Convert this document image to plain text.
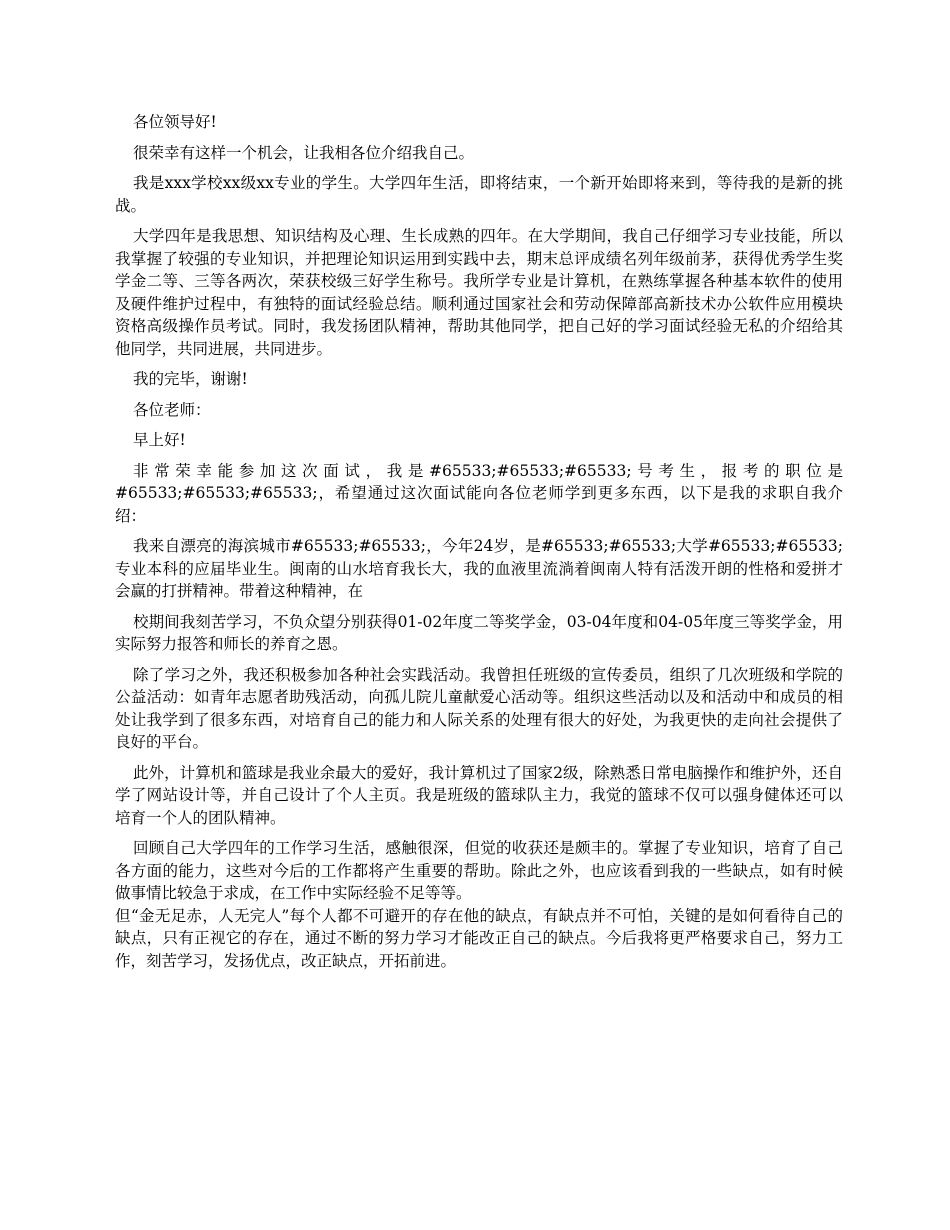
各位领导好!

很荣幸有这样一个机会，让我相各位介绍我自己。

我是xxx学校xx级xx专业的学生。大学四年生活，即将结束，一个新开始即将来到，等待我的是新的挑战。

大学四年是我思想、知识结构及心理、生长成熟的四年。在大学期间，我自己仔细学习专业技能，所以我掌握了较强的专业知识，并把理论知识运用到实践中去，期末总评成绩名列年级前茅，获得优秀学生奖学金二等、三等各两次，荣获校级三好学生称号。我所学专业是计算机，在熟练掌握各种基本软件的使用及硬件维护过程中，有独特的面试经验总结。顺利通过国家社会和劳动保障部高新技术办公软件应用模块资格高级操作员考试。同时，我发扬团队精神，帮助其他同学，把自己好的学习面试经验无私的介绍给其他同学，共同进展，共同进步。

我的完毕，谢谢!

各位老师：

早上好!

非常荣幸能参加这次面试，我是#65533;#65533;#65533;号考生，报考的职位是#65533;#65533;#65533;，希望通过这次面试能向各位老师学到更多东西，以下是我的求职自我介绍：

我来自漂亮的海滨城市#65533;#65533;，今年24岁，是#65533;#65533;大学#65533;#65533;专业本科的应届毕业生。闽南的山水培育我长大，我的血液里流淌着闽南人特有活泼开朗的性格和爱拼才会赢的打拼精神。带着这种精神，在

校期间我刻苦学习，不负众望分别获得01-02年度二等奖学金，03-04年度和04-05年度三等奖学金，用实际努力报答和师长的养育之恩。

除了学习之外，我还积极参加各种社会实践活动。我曾担任班级的宣传委员，组织了几次班级和学院的公益活动：如青年志愿者助残活动，向孤儿院儿童献爱心活动等。组织这些活动以及和活动中和成员的相处让我学到了很多东西，对培育自己的能力和人际关系的处理有很大的好处，为我更快的走向社会提供了良好的平台。

此外，计算机和篮球是我业余最大的爱好，我计算机过了国家2级，除熟悉日常电脑操作和维护外，还自学了网站设计等，并自己设计了个人主页。我是班级的篮球队主力，我觉的篮球不仅可以强身健体还可以培育一个人的团队精神。

回顾自己大学四年的工作学习生活，感触很深，但觉的收获还是颇丰的。掌握了专业知识，培育了自己各方面的能力，这些对今后的工作都将产生重要的帮助。除此之外，也应该看到我的一些缺点，如有时候做事情比较急于求成，在工作中实际经验不足等等。
但“金无足赤，人无完人”每个人都不可避开的存在他的缺点，有缺点并不可怕，关键的是如何看待自己的缺点，只有正视它的存在，通过不断的努力学习才能改正自己的缺点。今后我将更严格要求自己，努力工作，刻苦学习，发扬优点，改正缺点，开拓前进。
